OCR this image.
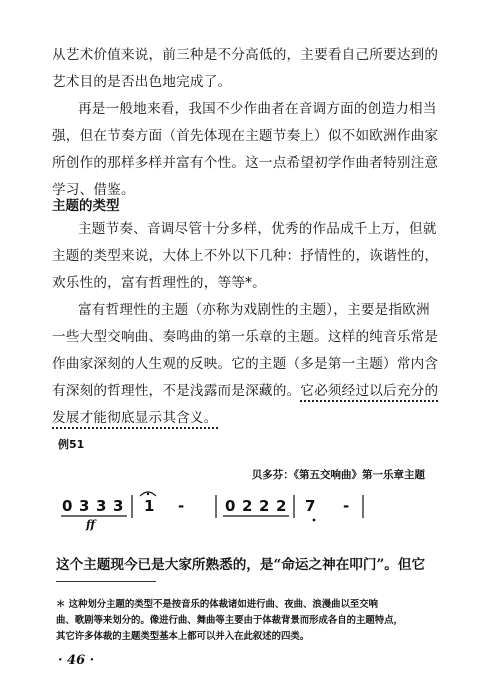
从艺术价值来说，前三种是不分高低的，主要看自己所要达到的
艺术目的是否出色地完成了。

再是一般地来看，我国不少作曲者在音调方面的创造力相当
强，但在节奏方面（首先体现在主题节奏上）似不如欧洲作曲家
所创作的那样多样并富有个性。这一点希望初学作曲者特别注意
学习、借鉴。

主题的类型

主题节奏、音调尽管十分多样，优秀的作品成千上万，但就
主题的类型来说，大体上不外以下几种：抒情性的，诙谐性的，
欢乐性的，富有哲理性的，等等*。

富有哲理性的主题（亦称为戏剧性的主题），主要是指欧洲
一些大型交响曲、奏鸣曲的第一乐章的主题。这样的纯音乐常是
作曲家深刻的人生观的反映。它的主题（多是第一主题）常内含
有深刻的哲理性，不是浅露而是深藏的。它必须经过以后充分的
发展才能彻底显示其含义。

例51
贝多芬：《第五交响曲》第一乐章主题
0 3 3 3 1 -	0 2 2 2 7 -
ff
这个主题现今已是大家所熟悉的，是“命运之神在叩门”。但它
＊ 这种划分主题的类型不是按音乐的体裁诸如进行曲、夜曲、浪漫曲以至交响
曲、歌剧等来划分的。像进行曲、舞曲等主要由于体裁背景而形成各自的主题特点，
其它许多体裁的主题类型基本上都可以并入在此叙述的四类。
· 46 ·
